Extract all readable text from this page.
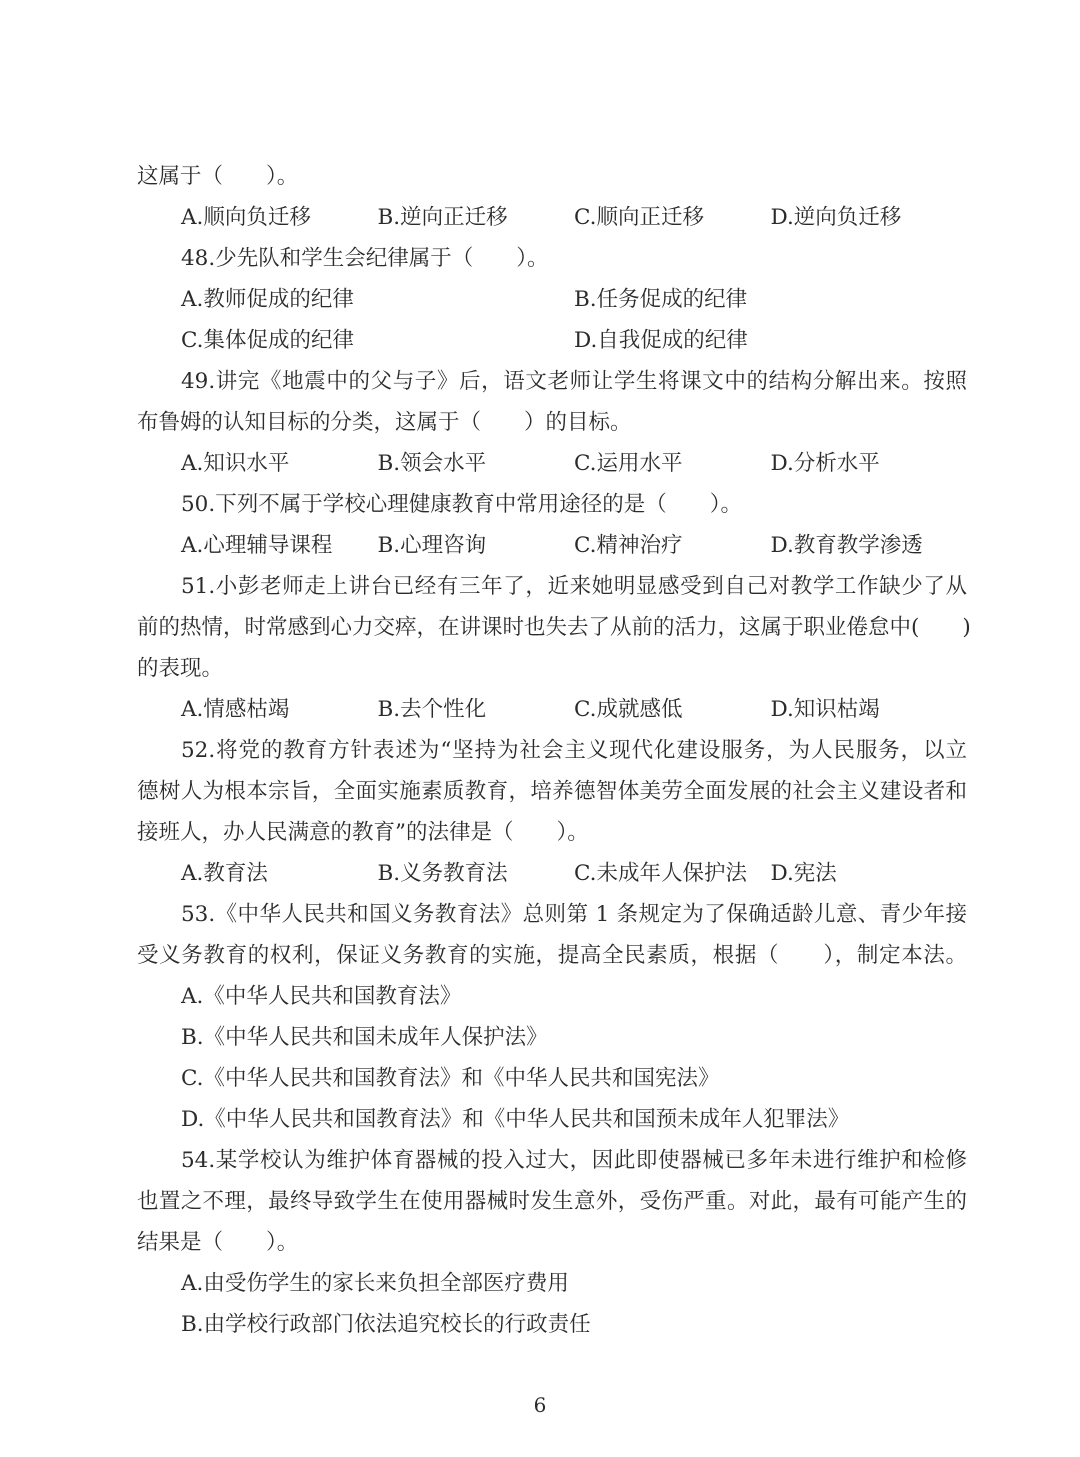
这属于（　　）。
A.顺向负迁移	B.逆向正迁移	C.顺向正迁移	D.逆向负迁移
48.少先队和学生会纪律属于（　　）。
A.教师促成的纪律	B.任务促成的纪律
C.集体促成的纪律	D.自我促成的纪律
49.讲完《地震中的父与子》后，语文老师让学生将课文中的结构分解出来。按照
布鲁姆的认知目标的分类，这属于（　　）的目标。
A.知识水平	B.领会水平	C.运用水平	D.分析水平
50.下列不属于学校心理健康教育中常用途径的是（　　）。
A.心理辅导课程	B.心理咨询	C.精神治疗	D.教育教学渗透
51.小彭老师走上讲台已经有三年了，近来她明显感受到自己对教学工作缺少了从
前的热情，时常感到心力交瘁，在讲课时也失去了从前的活力，这属于职业倦怠中(　　)
的表现。
A.情感枯竭	B.去个性化	C.成就感低	D.知识枯竭
52.将党的教育方针表述为“坚持为社会主义现代化建设服务，为人民服务，以立
德树人为根本宗旨，全面实施素质教育，培养德智体美劳全面发展的社会主义建设者和
接班人，办人民满意的教育”的法律是（　　）。
A.教育法	B.义务教育法	C.未成年人保护法	D.宪法
53.《中华人民共和国义务教育法》总则第 1 条规定为了保确适龄儿意、青少年接
受义务教育的权利，保证义务教育的实施，提高全民素质，根据（　　），制定本法。
A.《中华人民共和国教育法》
B.《中华人民共和国未成年人保护法》
C.《中华人民共和国教育法》和《中华人民共和国宪法》
D.《中华人民共和国教育法》和《中华人民共和国预未成年人犯罪法》
54.某学校认为维护体育器械的投入过大，因此即使器械已多年未进行维护和检修
也置之不理，最终导致学生在使用器械时发生意外，受伤严重。对此，最有可能产生的
结果是（　　）。
A.由受伤学生的家长来负担全部医疗费用
B.由学校行政部门依法追究校长的行政责任
6
